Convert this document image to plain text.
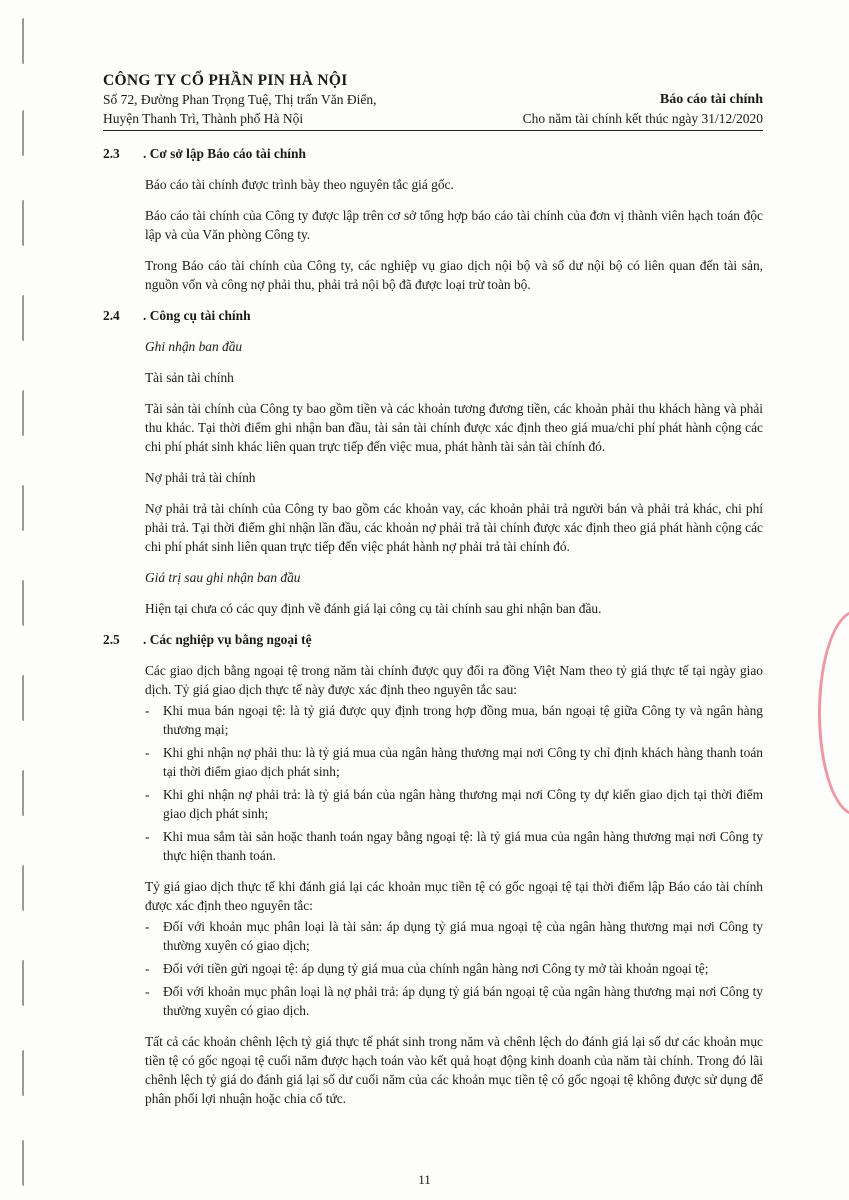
CÔNG TY CỔ PHẦN PIN HÀ NỘI
Số 72, Đường Phan Trọng Tuệ, Thị trấn Văn Điển,
Huyện Thanh Trì, Thành phố Hà Nội
Báo cáo tài chính
Cho năm tài chính kết thúc ngày 31/12/2020
2.3	. Cơ sở lập Báo cáo tài chính

Báo cáo tài chính được trình bày theo nguyên tắc giá gốc.

Báo cáo tài chính của Công ty được lập trên cơ sở tổng hợp báo cáo tài chính của đơn vị thành viên hạch toán độc lập và của Văn phòng Công ty.

Trong Báo cáo tài chính của Công ty, các nghiệp vụ giao dịch nội bộ và số dư nội bộ có liên quan đến tài sản, nguồn vốn và công nợ phải thu, phải trả nội bộ đã được loại trừ toàn bộ.

2.4	. Công cụ tài chính

Ghi nhận ban đầu

Tài sản tài chính

Tài sản tài chính của Công ty bao gồm tiền và các khoản tương đương tiền, các khoản phải thu khách hàng và phải thu khác. Tại thời điểm ghi nhận ban đầu, tài sản tài chính được xác định theo giá mua/chi phí phát hành cộng các chi phí phát sinh khác liên quan trực tiếp đến việc mua, phát hành tài sản tài chính đó.

Nợ phải trả tài chính

Nợ phải trả tài chính của Công ty bao gồm các khoản vay, các khoản phải trả người bán và phải trả khác, chi phí phải trả. Tại thời điểm ghi nhận lần đầu, các khoản nợ phải trả tài chính được xác định theo giá phát hành cộng các chi phí phát sinh liên quan trực tiếp đến việc phát hành nợ phải trả tài chính đó.

Giá trị sau ghi nhận ban đầu

Hiện tại chưa có các quy định về đánh giá lại công cụ tài chính sau ghi nhận ban đầu.

2.5	. Các nghiệp vụ bằng ngoại tệ

Các giao dịch bằng ngoại tệ trong năm tài chính được quy đổi ra đồng Việt Nam theo tỷ giá thực tế tại ngày giao dịch. Tỷ giá giao dịch thực tế này được xác định theo nguyên tắc sau:

- Khi mua bán ngoại tệ: là tỷ giá được quy định trong hợp đồng mua, bán ngoại tệ giữa Công ty và ngân hàng thương mại;
- Khi ghi nhận nợ phải thu: là tỷ giá mua của ngân hàng thương mại nơi Công ty chỉ định khách hàng thanh toán tại thời điểm giao dịch phát sinh;
- Khi ghi nhận nợ phải trả: là tỷ giá bán của ngân hàng thương mại nơi Công ty dự kiến giao dịch tại thời điểm giao dịch phát sinh;
- Khi mua sắm tài sản hoặc thanh toán ngay bằng ngoại tệ: là tỷ giá mua của ngân hàng thương mại nơi Công ty thực hiện thanh toán.

Tỷ giá giao dịch thực tế khi đánh giá lại các khoản mục tiền tệ có gốc ngoại tệ tại thời điểm lập Báo cáo tài chính được xác định theo nguyên tắc:

- Đối với khoản mục phân loại là tài sản: áp dụng tỷ giá mua ngoại tệ của ngân hàng thương mại nơi Công ty thường xuyên có giao dịch;
- Đối với tiền gửi ngoại tệ: áp dụng tỷ giá mua của chính ngân hàng nơi Công ty mở tài khoản ngoại tệ;
- Đối với khoản mục phân loại là nợ phải trả: áp dụng tỷ giá bán ngoại tệ của ngân hàng thương mại nơi Công ty thường xuyên có giao dịch.

Tất cả các khoản chênh lệch tỷ giá thực tế phát sinh trong năm và chênh lệch do đánh giá lại số dư các khoản mục tiền tệ có gốc ngoại tệ cuối năm được hạch toán vào kết quả hoạt động kinh doanh của năm tài chính. Trong đó lãi chênh lệch tỷ giá do đánh giá lại số dư cuối năm của các khoản mục tiền tệ có gốc ngoại tệ không được sử dụng để phân phối lợi nhuận hoặc chia cổ tức.

11
